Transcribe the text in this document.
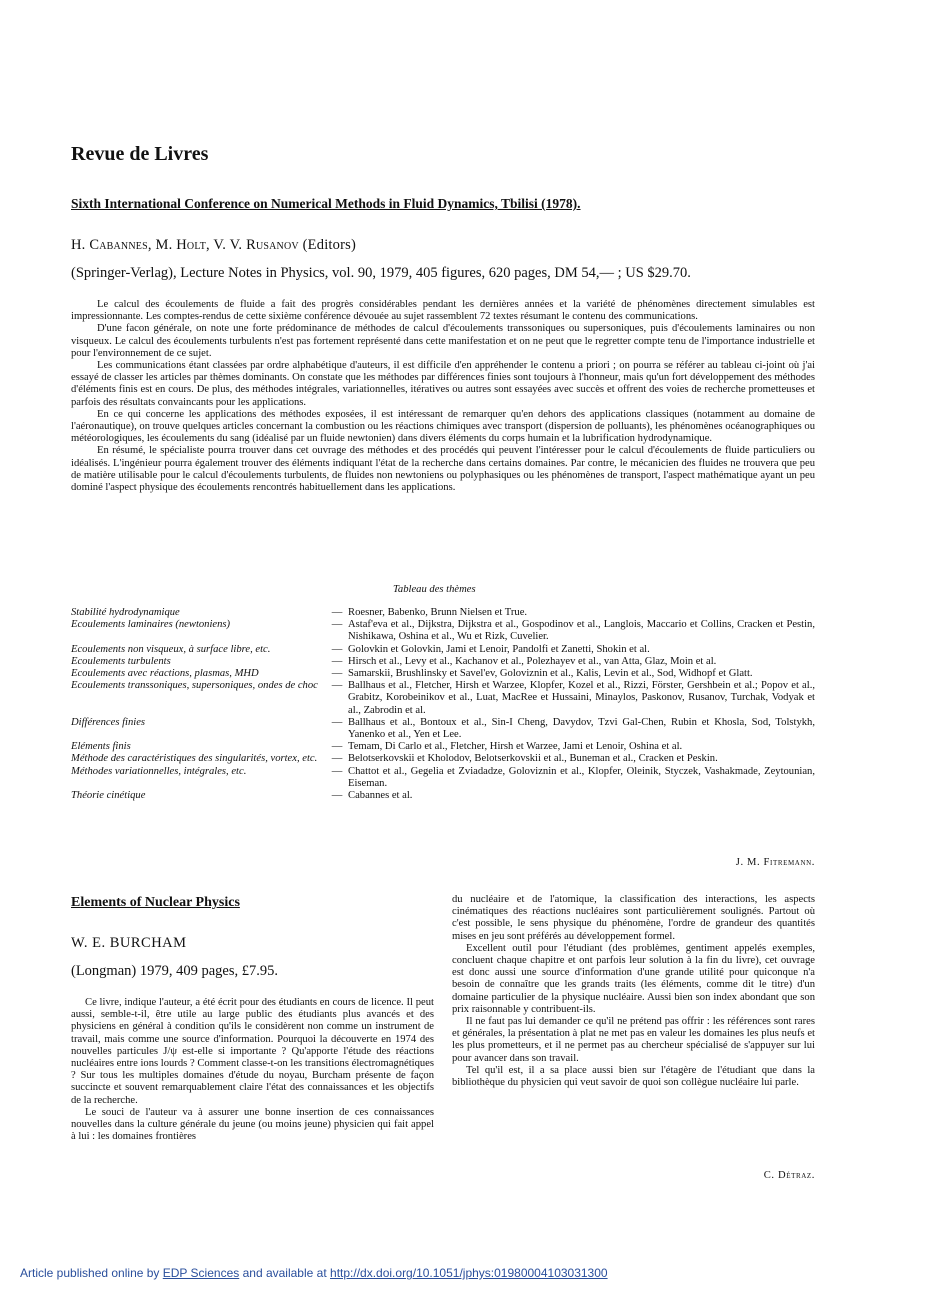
Revue de Livres
Sixth International Conference on Numerical Methods in Fluid Dynamics, Tbilisi (1978).
H. Cabannes, M. Holt, V. V. Rusanov (Editors)
(Springer-Verlag), Lecture Notes in Physics, vol. 90, 1979, 405 figures, 620 pages, DM 54,— ; US $29.70.

Le calcul des écoulements de fluide a fait des progrès considérables pendant les dernières années et la variété de phénomènes directement simulables est impressionnante. Les comptes-rendus de cette sixième conférence dévouée au sujet rassemblent 72 textes résumant le contenu des communications.

D'une facon générale, on note une forte prédominance de méthodes de calcul d'écoulements transsoniques ou supersoniques, puis d'écoulements laminaires ou non visqueux. Le calcul des écoulements turbulents n'est pas fortement représenté dans cette manifestation et on ne peut que le regretter compte tenu de l'importance industrielle et pour l'environnement de ce sujet.

Les communications étant classées par ordre alphabétique d'auteurs, il est difficile d'en appréhender le contenu a priori ; on pourra se référer au tableau ci-joint où j'ai essayé de classer les articles par thèmes dominants. On constate que les méthodes par différences finies sont toujours à l'honneur, mais qu'un fort développement des méthodes d'éléments finis est en cours. De plus, des méthodes intégrales, variationnelles, itératives ou autres sont essayées avec succès et offrent des voies de recherche prometteuses et parfois des résultats convaincants pour les applications.

En ce qui concerne les applications des méthodes exposées, il est intéressant de remarquer qu'en dehors des applications classiques (notamment au domaine de l'aéronautique), on trouve quelques articles concernant la combustion ou les réactions chimiques avec transport (dispersion de polluants), les phénomènes océanographiques ou météorologiques, les écoulements du sang (idéalisé par un fluide newtonien) dans divers éléments du corps humain et la lubrification hydrodynamique.

En résumé, le spécialiste pourra trouver dans cet ouvrage des méthodes et des procédés qui peuvent l'intéresser pour le calcul d'écoulements de fluide particuliers ou idéalisés. L'ingénieur pourra également trouver des éléments indiquant l'état de la recherche dans certains domaines. Par contre, le mécanicien des fluides ne trouvera que peu de matière utilisable pour le calcul d'écoulements turbulents, de fluides non newtoniens ou polyphasiques ou les phénomènes de transport, l'aspect mathématique ayant un peu dominé l'aspect physique des écoulements rencontrés habituellement dans les applications.

Tableau des thèmes
Stabilité hydrodynamique	— Roesner, Babenko, Brunn Nielsen et True.
Ecoulements laminaires (newtoniens)	— Astaf'eva et al., Dijkstra, Dijkstra et al., Gospodinov et al., Langlois, Maccario et Collins, Cracken et Pestin, Nishikawa, Oshina et al., Wu et Rizk, Cuvelier.
Ecoulements non visqueux, à surface libre, etc.	— Golovkin et Golovkin, Jami et Lenoir, Pandolfi et Zanetti, Shokin et al.
Ecoulements turbulents	— Hirsch et al., Levy et al., Kachanov et al., Polezhayev et al., van Atta, Glaz, Moin et al.
Ecoulements avec réactions, plasmas, MHD	— Samarskii, Brushlinsky et Savel'ev, Goloviznin et al., Kalis, Levin et al., Sod, Widhopf et Glatt.
Ecoulements transsoniques, supersoniques, ondes de choc	— Ballhaus et al., Fletcher, Hirsh et Warzee, Klopfer, Kozel et al., Rizzi, Förster, Gershbein et al.; Popov et al., Grabitz, Korobeinikov et al., Luat, MacRee et Hussaini, Minaylos, Paskonov, Rusanov, Turchak, Vodyak et al., Zabrodin et al.
Différences finies	— Ballhaus et al., Bontoux et al., Sin-I Cheng, Davydov, Tzvi Gal-Chen, Rubin et Khosla, Sod, Tolstykh, Yanenko et al., Yen et Lee.
Eléments finis	— Temam, Di Carlo et al., Fletcher, Hirsh et Warzee, Jami et Lenoir, Oshina et al.
Méthode des caractéristiques des singularités, vortex, etc.	— Belotserkovskii et Kholodov, Belotserkovskii et al., Buneman et al., Cracken et Peskin.
Méthodes variationnelles, intégrales, etc.	— Chattot et al., Gegelia et Zviadadze, Goloviznin et al., Klopfer, Oleinik, Styczek, Vashakmade, Zeytounian, Eiseman.
Théorie cinétique	— Cabannes et al.
J. M. Fitremann.
Elements of Nuclear Physics
W. E. BURCHAM
(Longman) 1979, 409 pages, £7.95.

Ce livre, indique l'auteur, a été écrit pour des étudiants en cours de licence. Il peut aussi, semble-t-il, être utile au large public des étudiants plus avancés et des physiciens en général à condition qu'ils le considèrent non comme un instrument de travail, mais comme une source d'information. Pourquoi la découverte en 1974 des nouvelles particules J/ψ est-elle si importante ? Qu'apporte l'étude des réactions nucléaires entre ions lourds ? Comment classe-t-on les transitions électromagnétiques ? Sur tous les multiples domaines d'étude du noyau, Burcham présente de façon succincte et souvent remarquablement claire l'état des connaissances et les objectifs de la recherche.

Le souci de l'auteur va à assurer une bonne insertion de ces connaissances nouvelles dans la culture générale du jeune (ou moins jeune) physicien qui fait appel à lui : les domaines frontières

du nucléaire et de l'atomique, la classification des interactions, les aspects cinématiques des réactions nucléaires sont particulièrement soulignés. Partout où c'est possible, le sens physique du phénomène, l'ordre de grandeur des quantités mises en jeu sont préférés au développement formel.

Excellent outil pour l'étudiant (des problèmes, gentiment appelés exemples, concluent chaque chapitre et ont parfois leur solution à la fin du livre), cet ouvrage est donc aussi une source d'information d'une grande utilité pour quiconque n'a besoin de connaître que les grands traits (les éléments, comme dit le titre) d'un domaine particulier de la physique nucléaire. Aussi bien son index abondant que son prix raisonnable y contribuent-ils.

Il ne faut pas lui demander ce qu'il ne prétend pas offrir : les références sont rares et générales, la présentation à plat ne met pas en valeur les domaines les plus neufs et les plus prometteurs, et il ne permet pas au chercheur spécialisé de s'appuyer sur lui pour avancer dans son travail.

Tel qu'il est, il a sa place aussi bien sur l'étagère de l'étudiant que dans la bibliothèque du physicien qui veut savoir de quoi son collègue nucléaire lui parle.

C. Détraz.
Article published online by EDP Sciences and available at http://dx.doi.org/10.1051/jphys:01980004103031300
